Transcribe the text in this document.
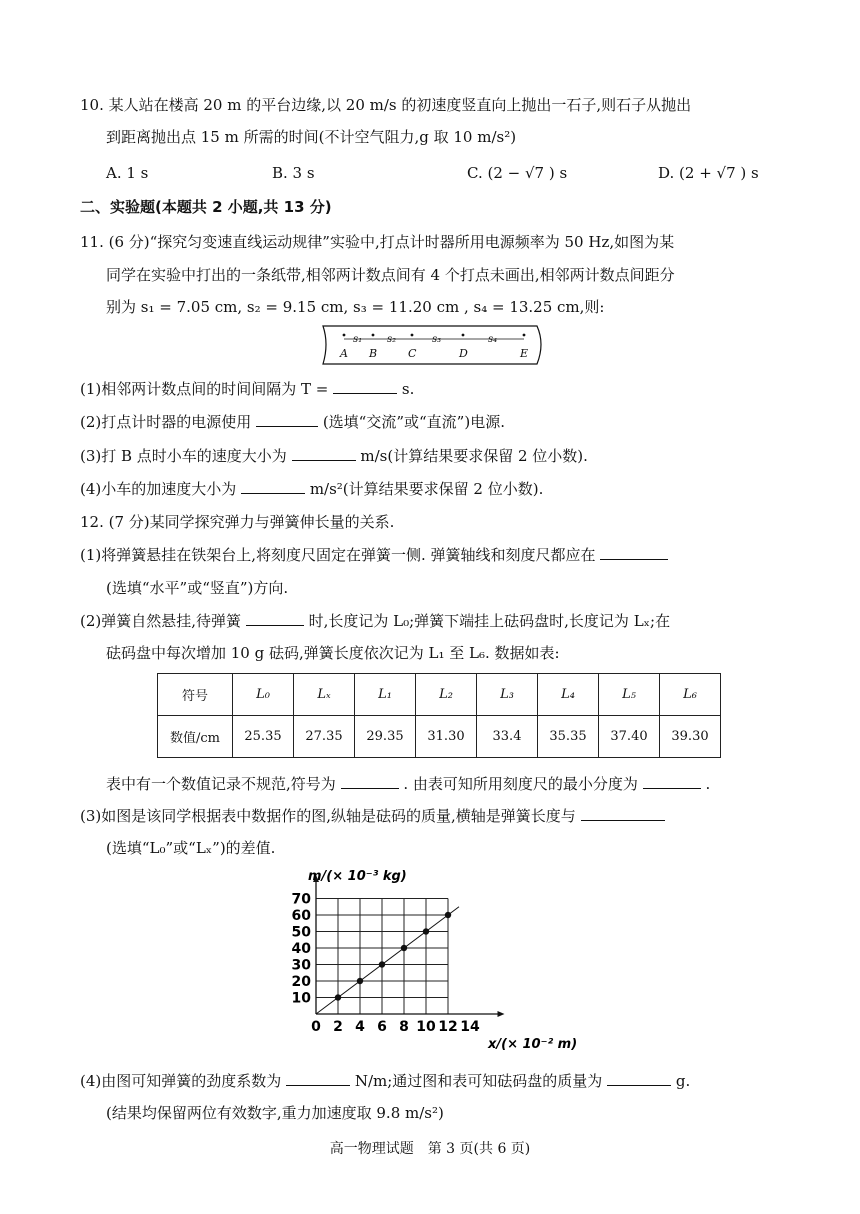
10. 某人站在楼高 20 m 的平台边缘,以 20 m/s 的初速度竖直向上抛出一石子,则石子从抛出
到距离抛出点 15 m 所需的时间(不计空气阻力,g 取 10 m/s²)
A. 1 s	B. 3 s	C. (2 − √7 ) s	D. (2 + √7 ) s
二、实验题(本题共 2 小题,共 13 分)
11. (6 分)“探究匀变速直线运动规律”实验中,打点计时器所用电源频率为 50 Hz,如图为某
同学在实验中打出的一条纸带,相邻两计数点间有 4 个打点未画出,相邻两计数点间距分
别为 s₁ = 7.05 cm, s₂ = 9.15 cm, s₃ = 11.20 cm , s₄ = 13.25 cm,则:
s₁ s₂	s₃	s₄
A B	C	D	E
(1)相邻两计数点间的时间间隔为 T =	s.
(2)打点计时器的电源使用	(选填“交流”或“直流”)电源.
(3)打 B 点时小车的速度大小为	m/s(计算结果要求保留 2 位小数).
(4)小车的加速度大小为	m/s²(计算结果要求保留 2 位小数).
12. (7 分)某同学探究弹力与弹簧伸长量的关系.
(1)将弹簧悬挂在铁架台上,将刻度尺固定在弹簧一侧. 弹簧轴线和刻度尺都应在
(选填“水平”或“竖直”)方向.
(2)弹簧自然悬挂,待弹簧	时,长度记为 L₀;弹簧下端挂上砝码盘时,长度记为 Lₓ;在
砝码盘中每次增加 10 g 砝码,弹簧长度依次记为 L₁ 至 L₆. 数据如表:
符号	L₀	Lₓ	L₁	L₂	L₃	L₄	L₅	L₆
数值/cm	25.35	27.35	29.35	31.30	33.4	35.35	37.40	39.30
表中有一个数值记录不规范,符号为	. 由表可知所用刻度尺的最小分度为	.
(3)如图是该同学根据表中数据作的图,纵轴是砝码的质量,横轴是弹簧长度与
(选填“L₀”或“Lₓ”)的差值.
0 2 4 6 8 10 12 14
10
20
30
40
50
60
70
m/(× 10⁻³ kg)
x/(× 10⁻² m)
(4)由图可知弹簧的劲度系数为	N/m;通过图和表可知砝码盘的质量为	g.
(结果均保留两位有效数字,重力加速度取 9.8 m/s²)
高一物理试题　第 3 页(共 6 页)
